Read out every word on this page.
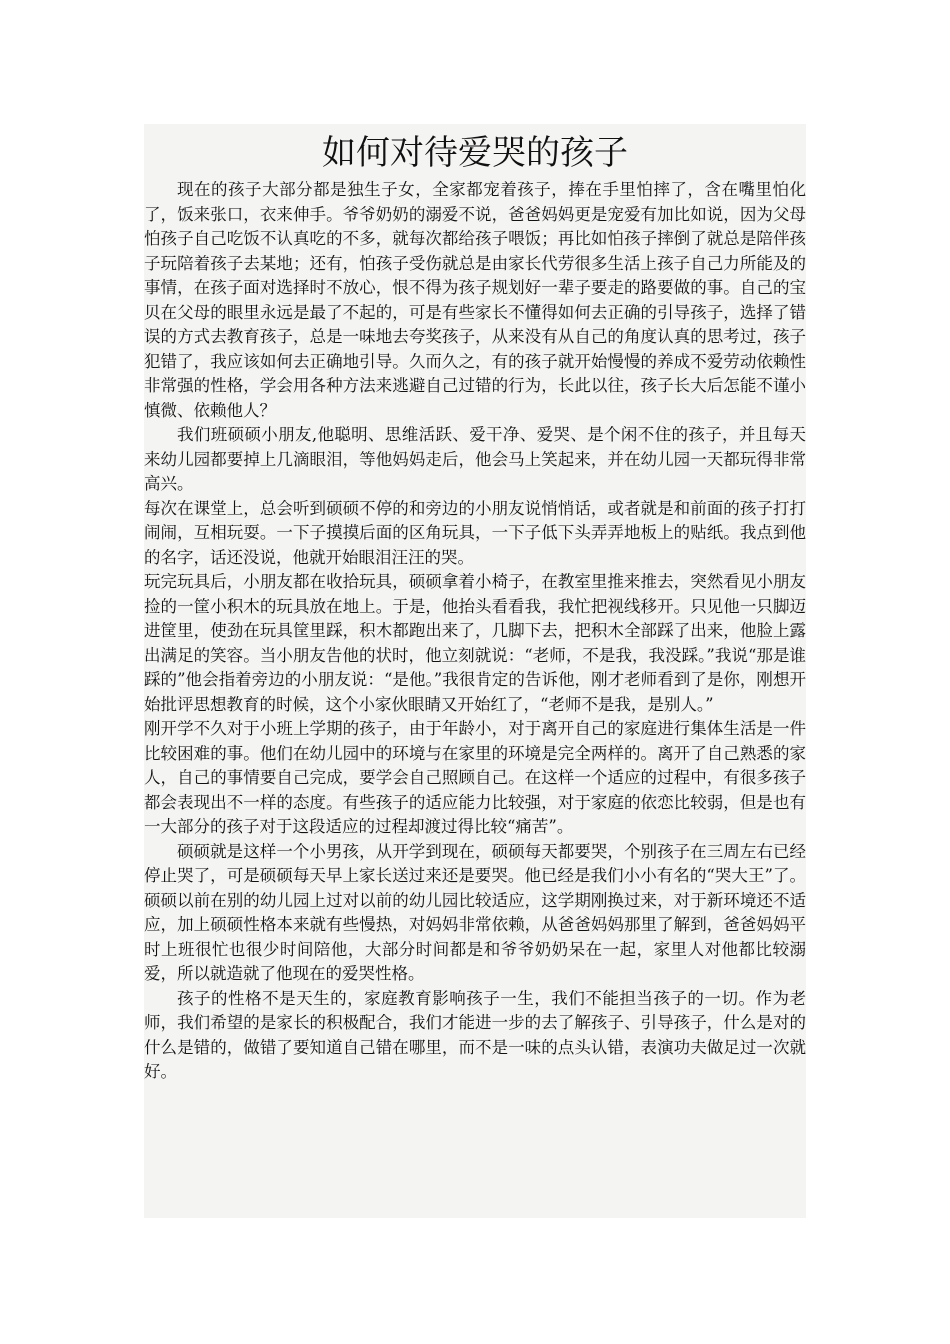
如何对待爱哭的孩子

现在的孩子大部分都是独生子女，全家都宠着孩子，捧在手里怕摔了，含在嘴里怕化了，饭来张口，衣来伸手。爷爷奶奶的溺爱不说，爸爸妈妈更是宠爱有加比如说，因为父母怕孩子自己吃饭不认真吃的不多，就每次都给孩子喂饭；再比如怕孩子摔倒了就总是陪伴孩子玩陪着孩子去某地；还有，怕孩子受伤就总是由家长代劳很多生活上孩子自己力所能及的事情，在孩子面对选择时不放心，恨不得为孩子规划好一辈子要走的路要做的事。自己的宝贝在父母的眼里永远是最了不起的，可是有些家长不懂得如何去正确的引导孩子，选择了错误的方式去教育孩子，总是一味地去夸奖孩子，从来没有从自己的角度认真的思考过，孩子犯错了，我应该如何去正确地引导。久而久之，有的孩子就开始慢慢的养成不爱劳动依赖性非常强的性格，学会用各种方法来逃避自己过错的行为，长此以往，孩子长大后怎能不谨小慎微、依赖他人？

我们班硕硕小朋友,他聪明、思维活跃、爱干净、爱哭、是个闲不住的孩子，并且每天来幼儿园都要掉上几滴眼泪，等他妈妈走后，他会马上笑起来，并在幼儿园一天都玩得非常高兴。

每次在课堂上，总会听到硕硕不停的和旁边的小朋友说悄悄话，或者就是和前面的孩子打打闹闹，互相玩耍。一下子摸摸后面的区角玩具，一下子低下头弄弄地板上的贴纸。我点到他的名字，话还没说，他就开始眼泪汪汪的哭。

玩完玩具后，小朋友都在收拾玩具，硕硕拿着小椅子，在教室里推来推去，突然看见小朋友捡的一筐小积木的玩具放在地上。于是，他抬头看看我，我忙把视线移开。只见他一只脚迈进筐里，使劲在玩具筐里踩，积木都跑出来了，几脚下去，把积木全部踩了出来，他脸上露出满足的笑容。当小朋友告他的状时，他立刻就说：“老师，不是我，我没踩。”我说“那是谁踩的”他会指着旁边的小朋友说：“是他。”我很肯定的告诉他，刚才老师看到了是你，刚想开始批评思想教育的时候，这个小家伙眼睛又开始红了，“老师不是我，是别人。”

刚开学不久对于小班上学期的孩子，由于年龄小，对于离开自己的家庭进行集体生活是一件比较困难的事。他们在幼儿园中的环境与在家里的环境是完全两样的。离开了自己熟悉的家人，自己的事情要自己完成，要学会自己照顾自己。在这样一个适应的过程中，有很多孩子都会表现出不一样的态度。有些孩子的适应能力比较强，对于家庭的依恋比较弱，但是也有一大部分的孩子对于这段适应的过程却渡过得比较“痛苦”。

硕硕就是这样一个小男孩，从开学到现在，硕硕每天都要哭，个别孩子在三周左右已经停止哭了，可是硕硕每天早上家长送过来还是要哭。他已经是我们小小有名的“哭大王”了。硕硕以前在别的幼儿园上过对以前的幼儿园比较适应，这学期刚换过来，对于新环境还不适应，加上硕硕性格本来就有些慢热，对妈妈非常依赖，从爸爸妈妈那里了解到，爸爸妈妈平时上班很忙也很少时间陪他，大部分时间都是和爷爷奶奶呆在一起，家里人对他都比较溺爱，所以就造就了他现在的爱哭性格。

孩子的性格不是天生的，家庭教育影响孩子一生，我们不能担当孩子的一切。作为老师，我们希望的是家长的积极配合，我们才能进一步的去了解孩子、引导孩子，什么是对的什么是错的，做错了要知道自己错在哪里，而不是一味的点头认错，表演功夫做足过一次就好。
